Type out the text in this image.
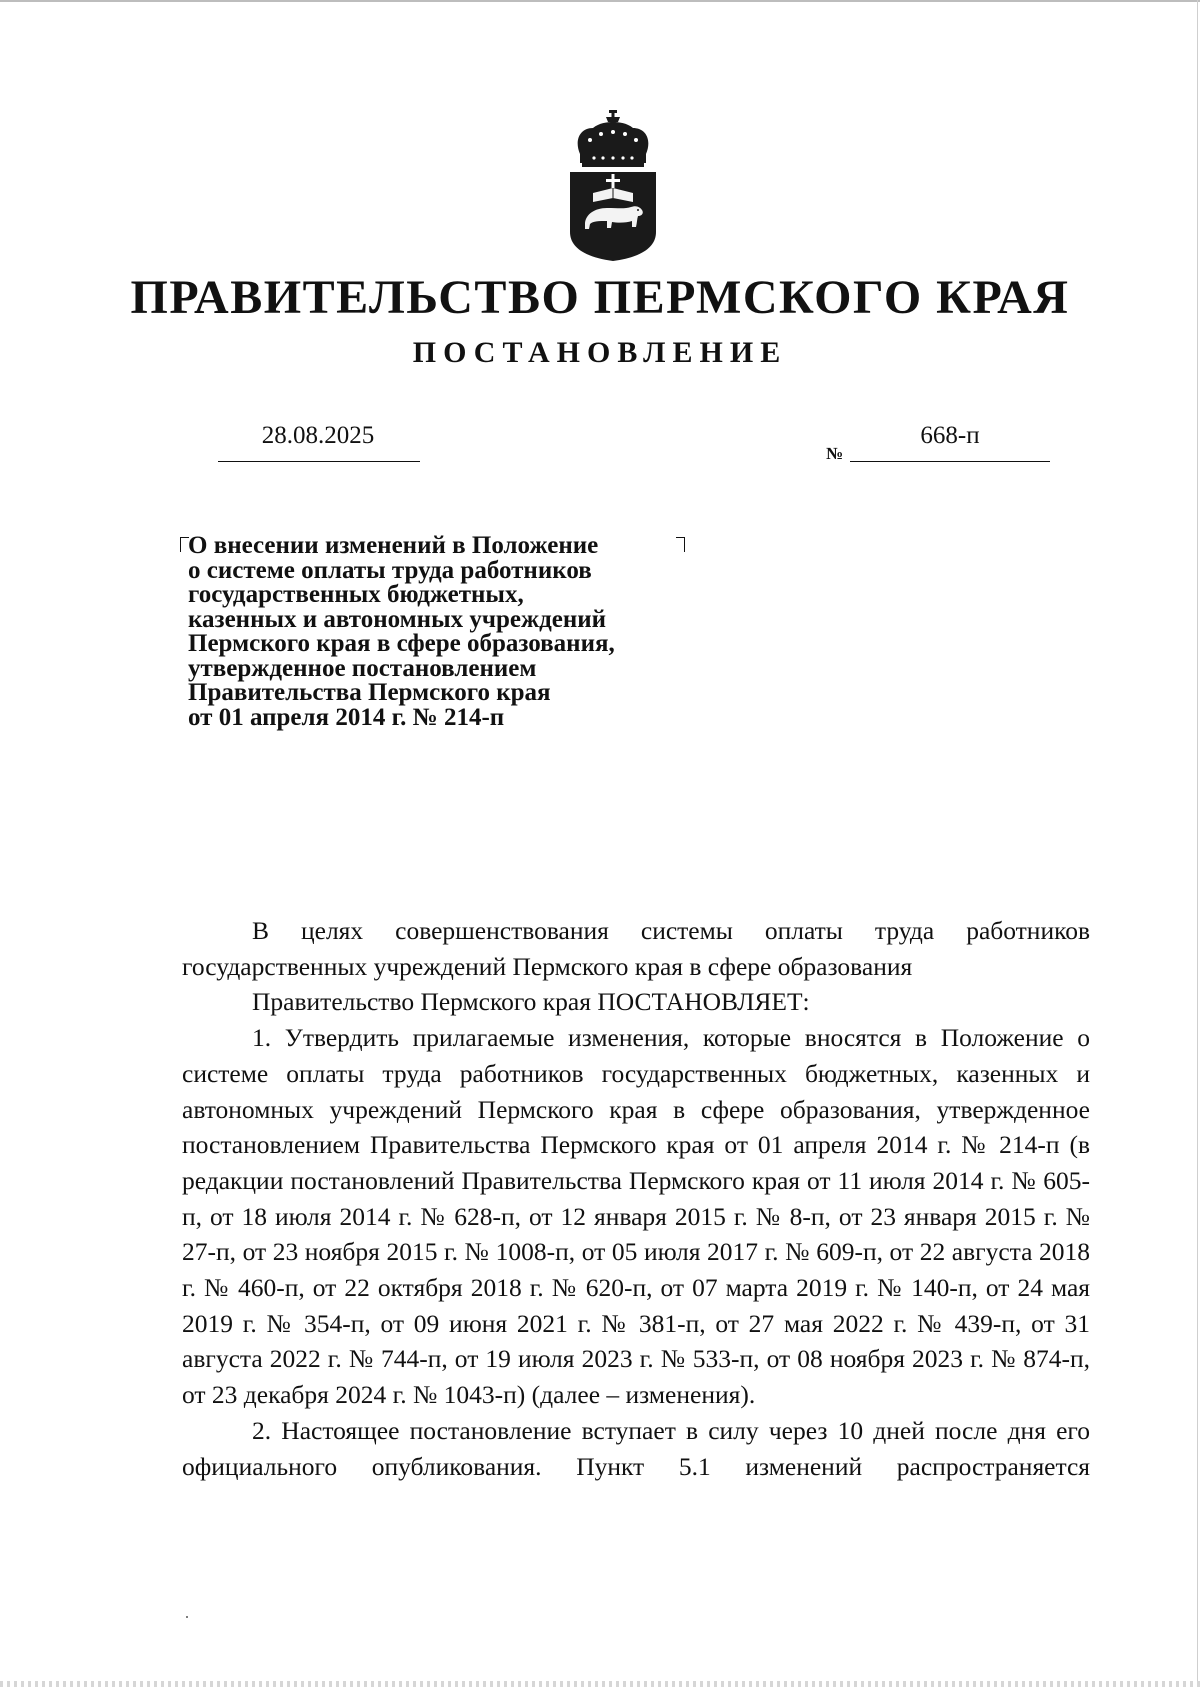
ПРАВИТЕЛЬСТВО ПЕРМСКОГО КРАЯ
ПОСТАНОВЛЕНИЕ
28.08.2025
№
668-п
О внесении изменений в Положение
о системе оплаты труда работников
государственных бюджетных,
казенных и автономных учреждений
Пермского края в сфере образования,
утвержденное постановлением
Правительства Пермского края
от 01 апреля 2014 г. № 214-п

В целях совершенствования системы оплаты труда работников государственных учреждений Пермского края в сфере образования

Правительство Пермского края ПОСТАНОВЛЯЕТ:

1. Утвердить прилагаемые изменения, которые вносятся в Положение о системе оплаты труда работников государственных бюджетных, казенных и автономных учреждений Пермского края в сфере образования, утвержденное постановлением Правительства Пермского края от 01 апреля 2014 г. № 214-п (в редакции постановлений Правительства Пермского края от 11 июля 2014 г. № 605-п, от 18 июля 2014 г. № 628-п, от 12 января 2015 г. № 8-п, от 23 января 2015 г. № 27-п, от 23 ноября 2015 г. № 1008-п, от 05 июля 2017 г. № 609-п, от 22 августа 2018 г. № 460-п, от 22 октября 2018 г. № 620-п, от 07 марта 2019 г. № 140-п, от 24 мая 2019 г. № 354-п, от 09 июня 2021 г. № 381-п, от 27 мая 2022 г. № 439-п, от 31 августа 2022 г. № 744-п, от 19 июля 2023 г. № 533-п, от 08 ноября 2023 г. № 874-п, от 23 декабря 2024 г. № 1043-п) (далее – изменения).

2. Настоящее постановление вступает в силу через 10 дней после дня его официального опубликования. Пункт 5.1 изменений распространяется
